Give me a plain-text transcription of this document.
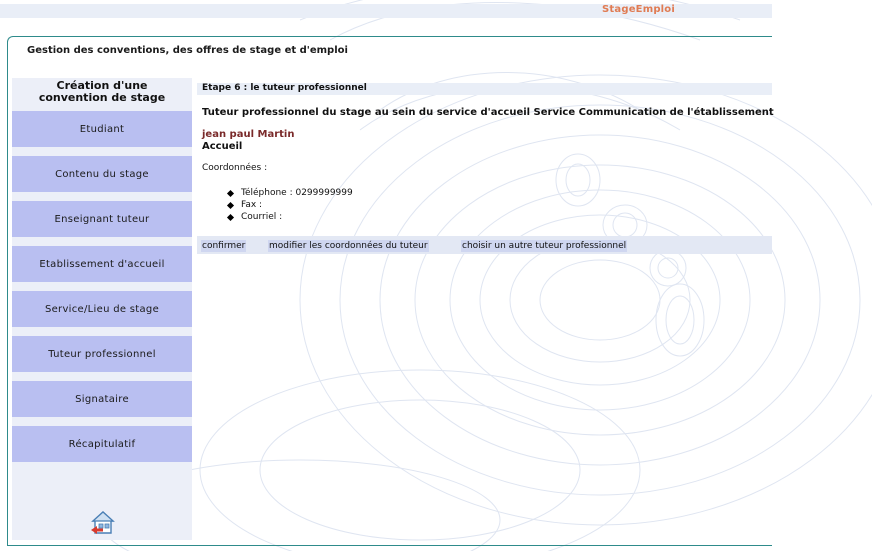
StageEmploi
Gestion des conventions, des offres de stage et d'emploi
Création d'une
convention de stage
Etudiant
Contenu du stage
Enseignant tuteur
Etablissement d'accueil
Service/Lieu de stage
Tuteur professionnel
Signataire
Récapitulatif
Etape 6 : le tuteur professionnel
Tuteur professionnel du stage au sein du service d'accueil Service Communication de l'établissement
jean paul Martin
Accueil
Coordonnées :
Téléphone : 0299999999
Fax :
Courriel :
confirmer	modifier les coordonnées du tuteur	choisir un autre tuteur professionnel
